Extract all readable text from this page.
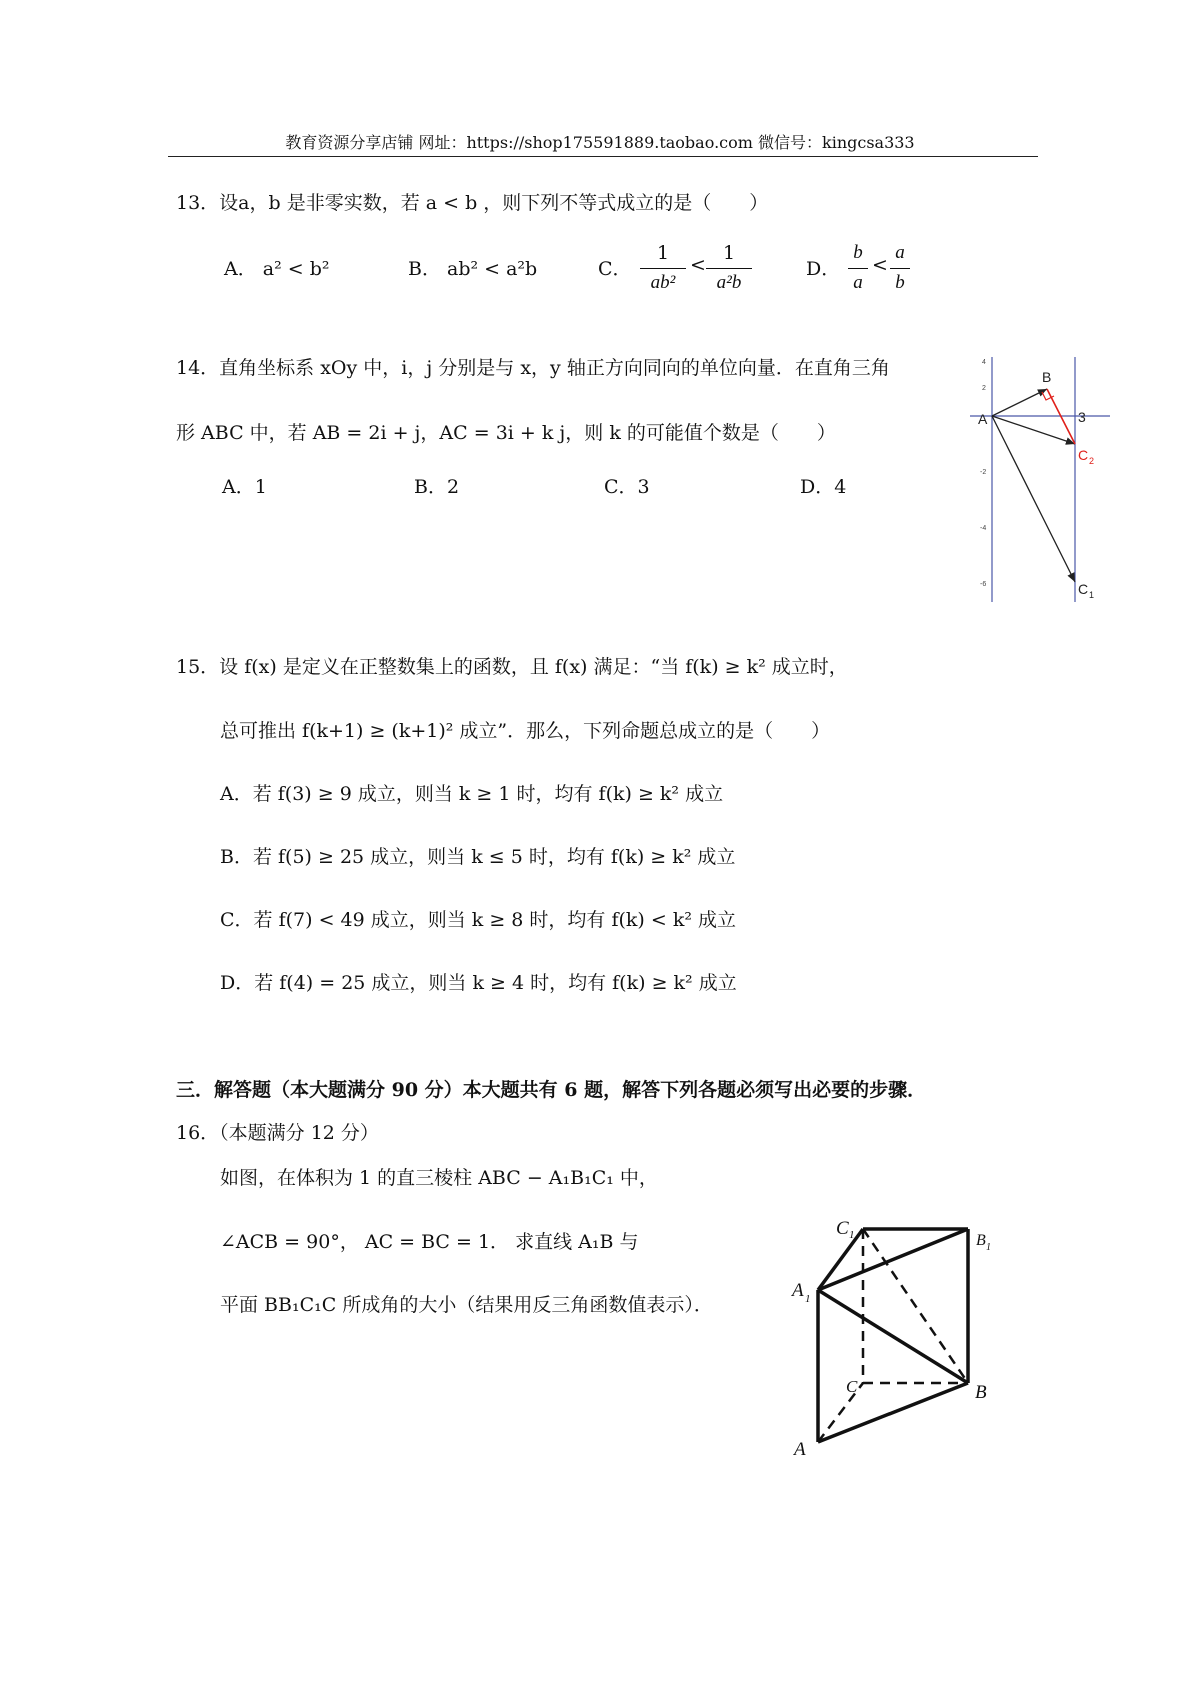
教育资源分享店铺 网址：https://shop175591889.taobao.com 微信号：kingcsa333
13．设a，b 是非零实数，若 a < b ，则下列不等式成立的是（　　）
A． a² < b²	B． ab² < a²b	C．
1
ab²
<
1
a²b
D．
b
a
<
a
b
14．直角坐标系 xOy 中，i，j 分别是与 x，y 轴正方向同向的单位向量．在直角三角
形 ABC 中，若 AB = 2i + j，AC = 3i + k j，则 k 的可能值个数是（　　）
A．1	B．2	C．3	D．4
4
2
-2
-4
-6
A
B
3
C 2
C 1
15．设 f(x) 是定义在正整数集上的函数，且 f(x) 满足：“当 f(k) ≥ k² 成立时，
总可推出 f(k+1) ≥ (k+1)² 成立”．那么，下列命题总成立的是（　　）
A．若 f(3) ≥ 9 成立，则当 k ≥ 1 时，均有 f(k) ≥ k² 成立
B．若 f(5) ≥ 25 成立，则当 k ≤ 5 时，均有 f(k) ≥ k² 成立
C．若 f(7) < 49 成立，则当 k ≥ 8 时，均有 f(k) < k² 成立
D．若 f(4) = 25 成立，则当 k ≥ 4 时，均有 f(k) ≥ k² 成立
三．解答题（本大题满分 90 分）本大题共有 6 题，解答下列各题必须写出必要的步骤．
16．（本题满分 12 分）
如图，在体积为 1 的直三棱柱 ABC − A₁B₁C₁ 中，
∠ACB = 90°， AC = BC = 1． 求直线 A₁B 与
平面 BB₁C₁C 所成角的大小（结果用反三角函数值表示）．
C 1	B 1
A 1
C	B
A
